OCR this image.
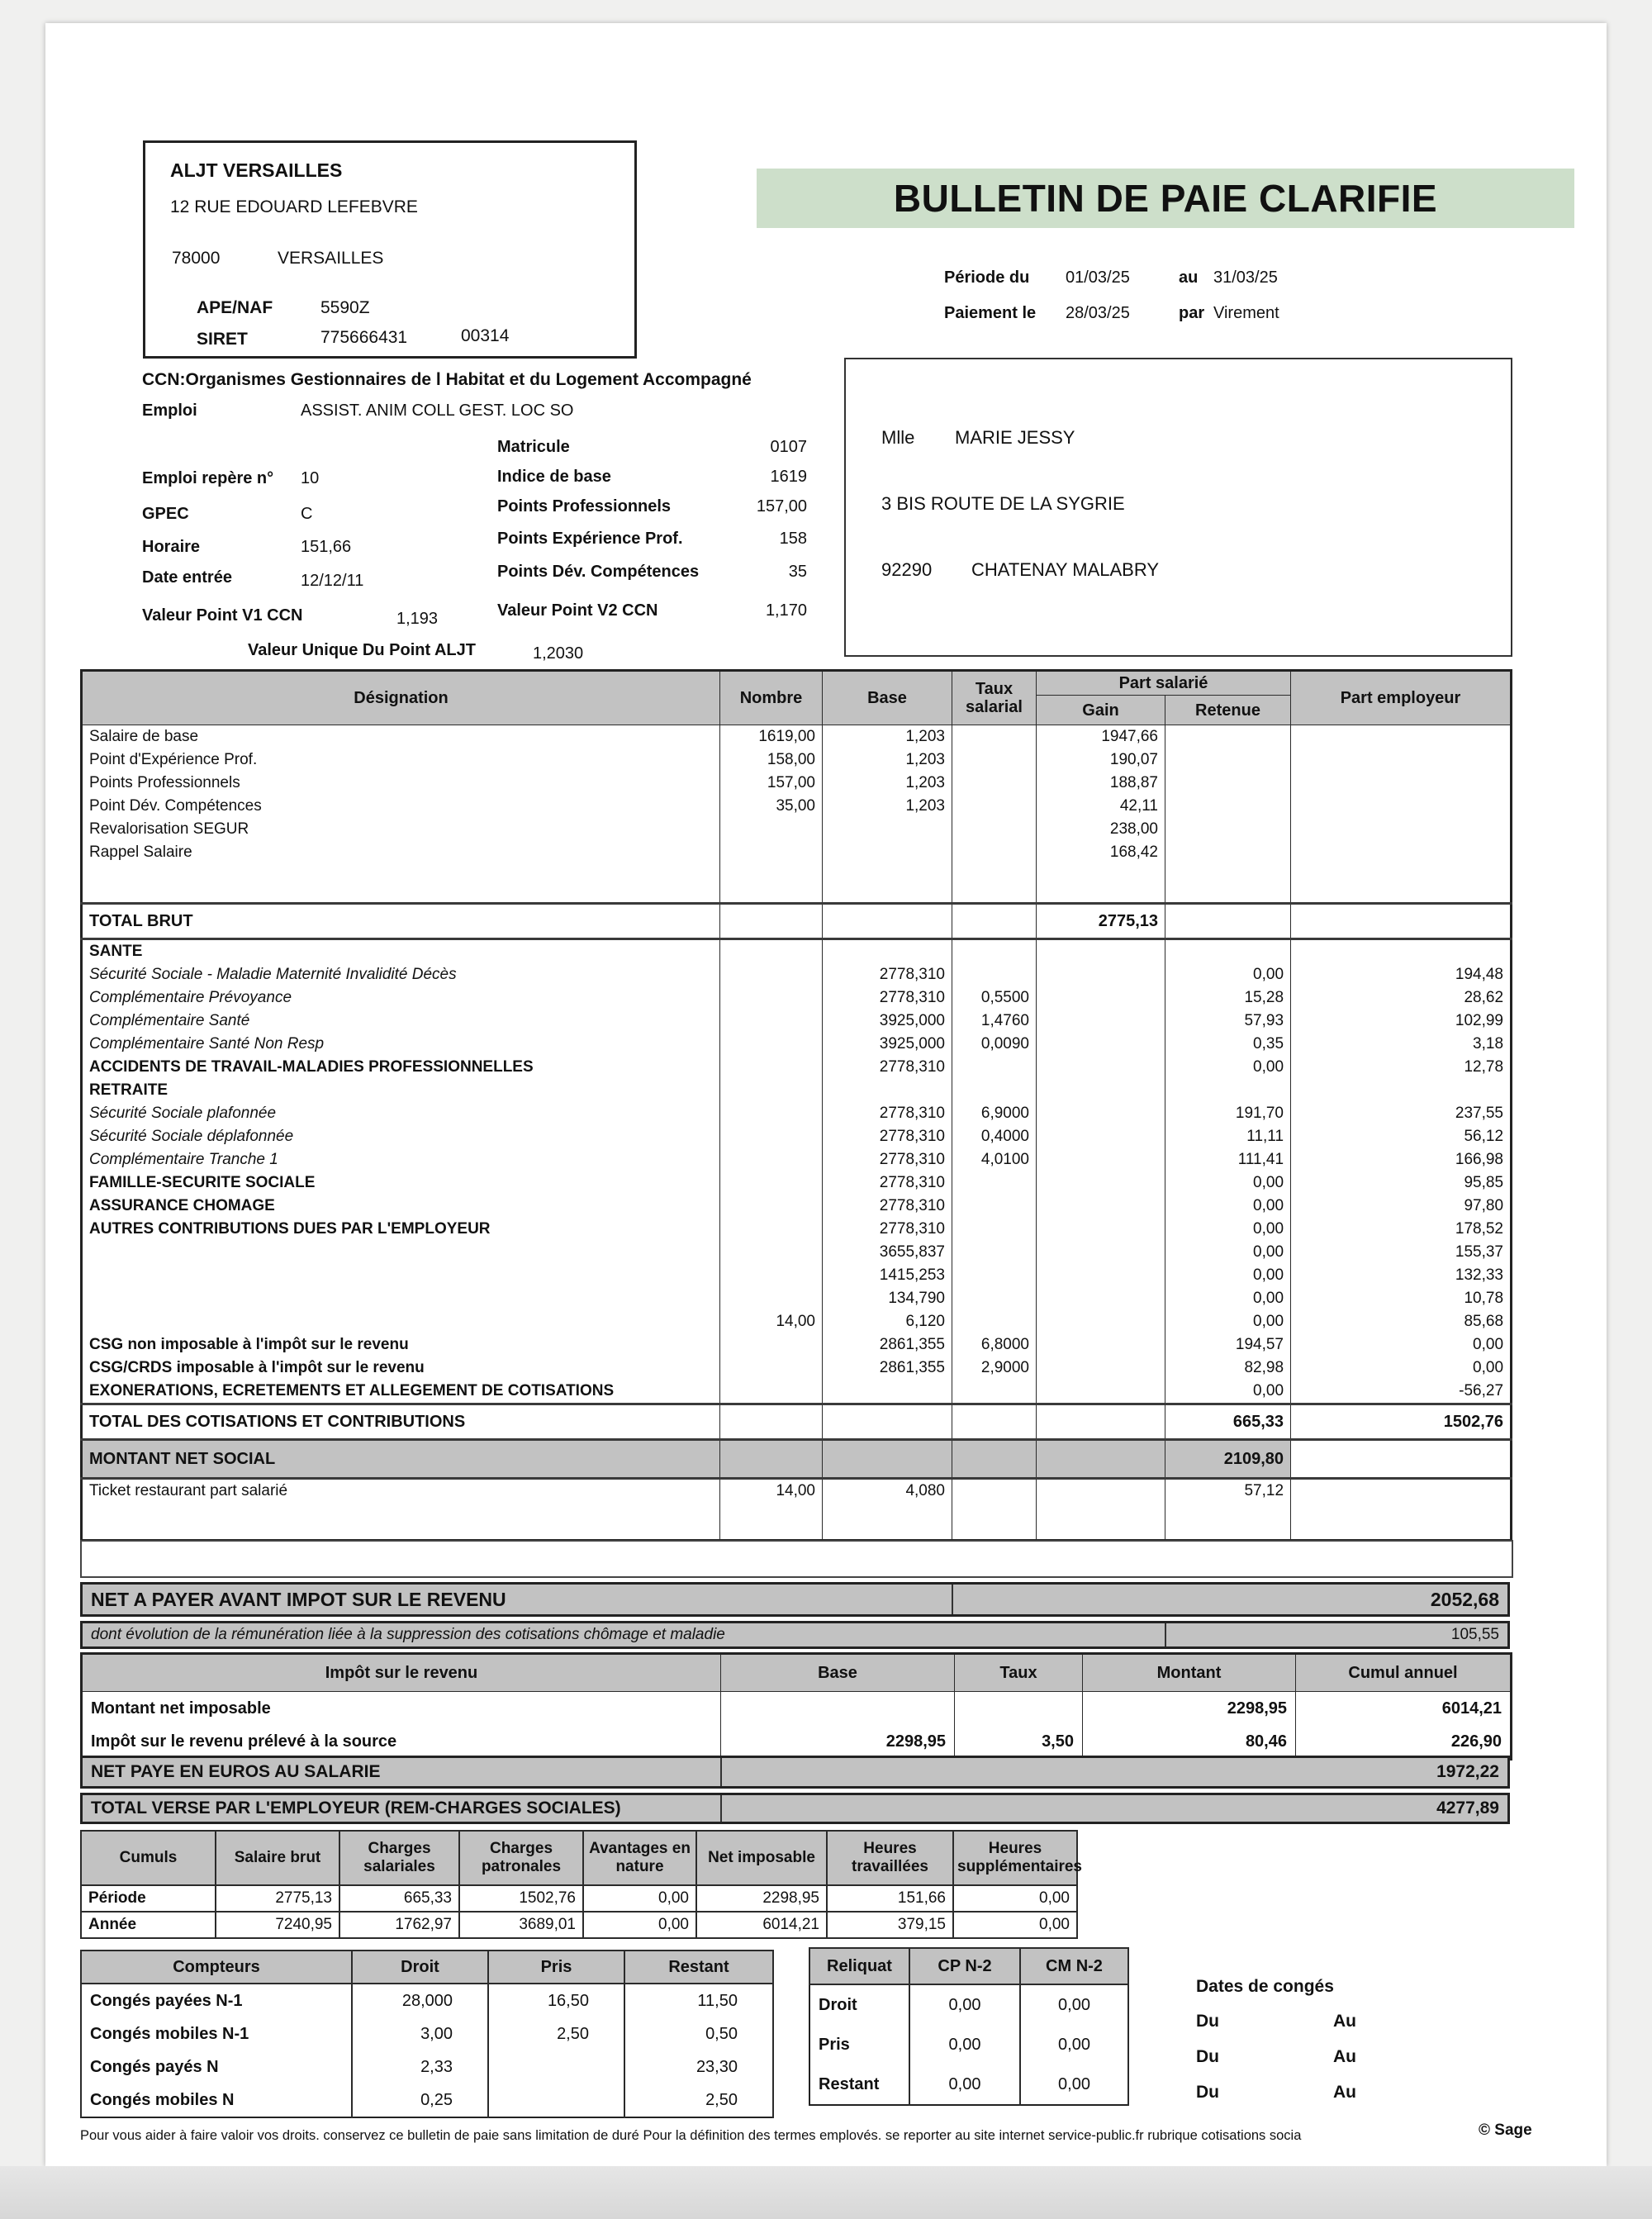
ALJT VERSAILLES
12 RUE EDOUARD LEFEBVRE
78000	VERSAILLES
APE/NAF	5590Z
SIRET	775666431	00314
BULLETIN DE PAIE CLARIFIE
Période du 01/03/25	au 31/03/25
Paiement le 28/03/25	par Virement
CCN:Organismes Gestionnaires de l Habitat et du Logement Accompagné
Emploi	ASSIST. ANIM COLL GEST. LOC SO
Emploi repère n° 10
GPEC	C
Horaire	151,66
Date entrée	12/12/11
Valeur Point V1 CCN	1,193
Valeur Unique Du Point ALJT	1,2030
Matricule	0107
Indice de base	1619
Points Professionnels	157,00
Points Expérience Prof.	158
Points Dév. Compétences	35
Valeur Point V2 CCN	1,170
Mlle MARIE JESSY
3 BIS ROUTE DE LA SYGRIE
92290 CHATENAY MALABRY
Désignation	Nombre	Base	Taux salarial	Part salarié		Part employeur
				Gain	Retenue	
Salaire de base	1619,00	1,203		1947,66		
Point d'Expérience Prof.	158,00	1,203		190,07		
Points Professionnels	157,00	1,203		188,87		
Point Dév. Compétences	35,00	1,203		42,11		
Revalorisation SEGUR				238,00		
Rappel Salaire				168,42		

TOTAL BRUT				2775,13		
SANTE						
Sécurité Sociale - Maladie Maternité Invalidité Décès		2778,310			0,00	194,48
Complémentaire Prévoyance		2778,310	0,5500		15,28	28,62
Complémentaire Santé		3925,000	1,4760		57,93	102,99
Complémentaire Santé Non Resp		3925,000	0,0090		0,35	3,18
ACCIDENTS DE TRAVAIL-MALADIES PROFESSIONNELLES		2778,310			0,00	12,78
RETRAITE						
Sécurité Sociale plafonnée		2778,310	6,9000		191,70	237,55
Sécurité Sociale déplafonnée		2778,310	0,4000		11,11	56,12
Complémentaire Tranche 1		2778,310	4,0100		111,41	166,98
FAMILLE-SECURITE SOCIALE		2778,310			0,00	95,85
ASSURANCE CHOMAGE		2778,310			0,00	97,80
AUTRES CONTRIBUTIONS DUES PAR L'EMPLOYEUR		2778,310			0,00	178,52
		3655,837			0,00	155,37
		1415,253			0,00	132,33
		134,790			0,00	10,78
	14,00	6,120			0,00	85,68
CSG non imposable à l'impôt sur le revenu		2861,355	6,8000		194,57	0,00
CSG/CRDS imposable à l'impôt sur le revenu		2861,355	2,9000		82,98	0,00
EXONERATIONS, ECRETEMENTS ET ALLEGEMENT DE COTISATIONS					0,00	-56,27
TOTAL DES COTISATIONS ET CONTRIBUTIONS					665,33	1502,76
MONTANT NET SOCIAL					2109,80	
Ticket restaurant part salarié	14,00	4,080			57,12	

NET A PAYER AVANT IMPOT SUR LE REVENU	2052,68
dont évolution de la rémunération liée à la suppression des cotisations chômage et maladie	105,55
Impôt sur le revenu	Base	Taux	Montant	Cumul annuel
Montant net imposable			2298,95	6014,21
Impôt sur le revenu prélevé à la source	2298,95	3,50	80,46	226,90
NET PAYE EN EUROS AU SALARIE	1972,22
TOTAL VERSE PAR L'EMPLOYEUR (REM-CHARGES SOCIALES)	4277,89
Cumuls	Salaire brut	Charges salariales	Charges patronales	Avantages en nature	Net imposable	Heures travaillées	Heures supplémentaires
Période	2775,13	665,33	1502,76	0,00	2298,95	151,66	0,00
Année	7240,95	1762,97	3689,01	0,00	6014,21	379,15	0,00
Compteurs	Droit	Pris	Restant
Congés payées N-1	28,000	16,50	11,50
Congés mobiles N-1	3,00	2,50	0,50
Congés payés N	2,33		23,30
Congés mobiles N	0,25		2,50
Reliquat	CP N-2	CM N-2
Droit	0,00	0,00
Pris	0,00	0,00
Restant	0,00	0,00
Dates de congés
Du	Au
Du	Au
Du	Au
Pour vous aider à faire valoir vos droits. conservez ce bulletin de paie sans limitation de duré Pour la définition des termes emplovés. se reporter au site internet service-public.fr rubrique cotisations socia	© Sage
